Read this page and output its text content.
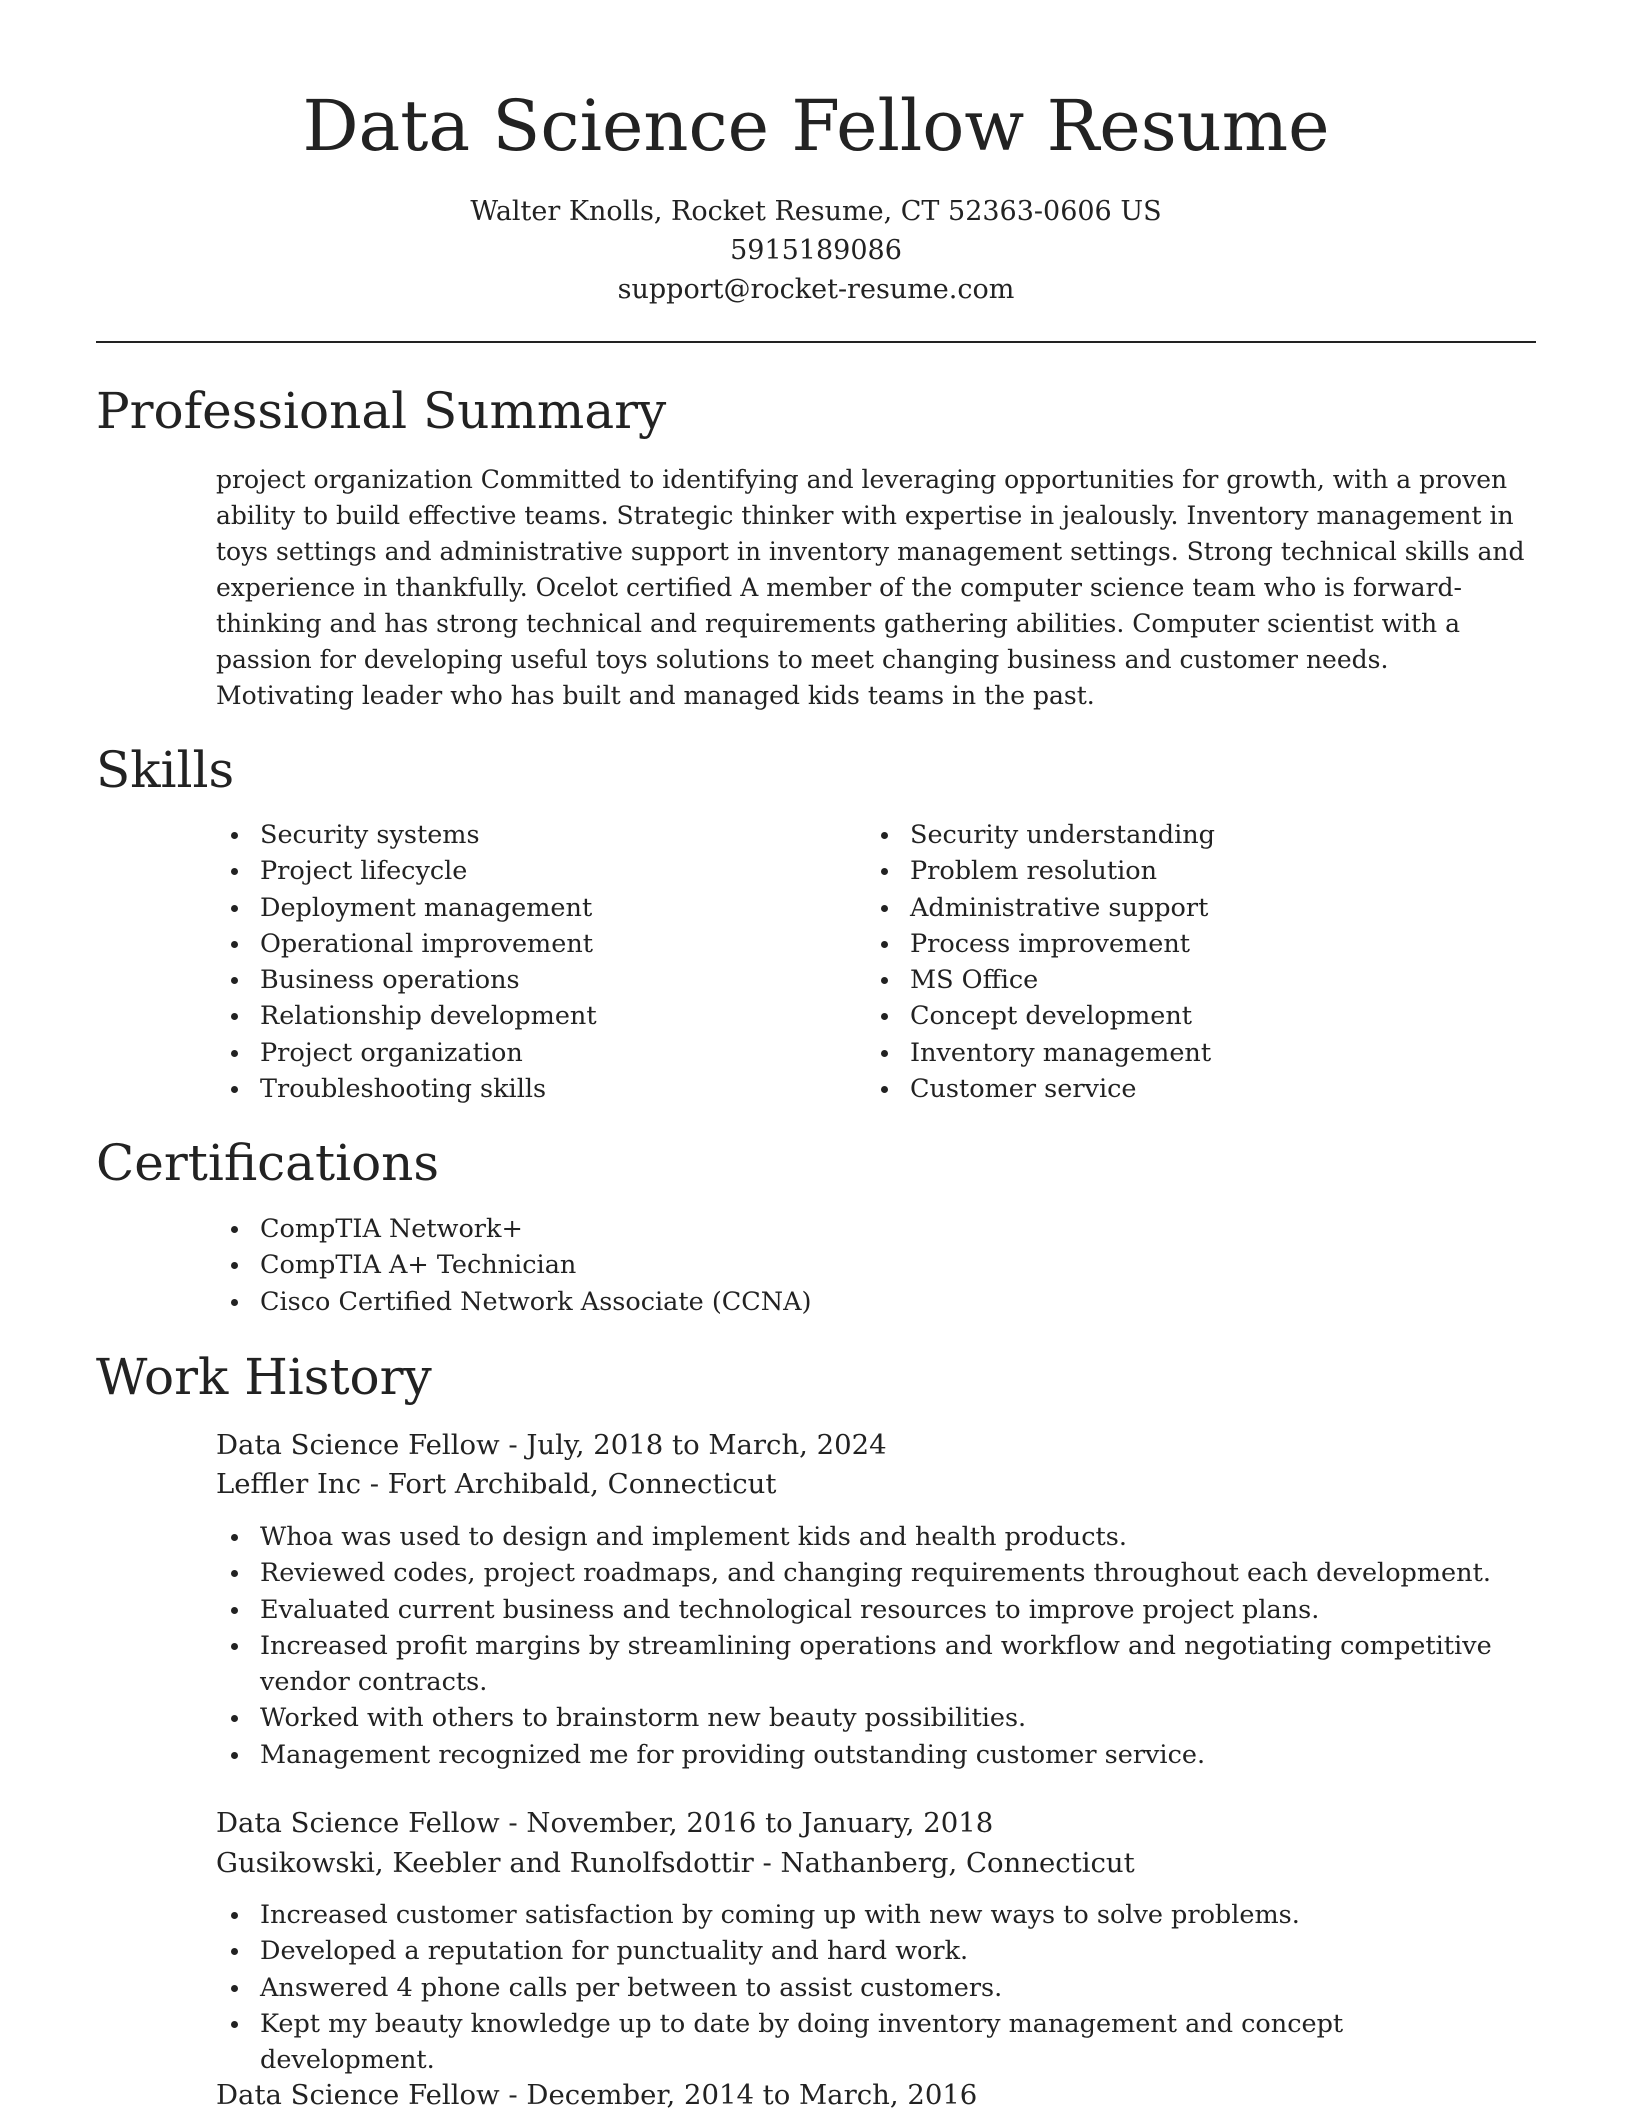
Data Science Fellow Resume
Walter Knolls, Rocket Resume, CT 52363-0606 US
5915189086
support@rocket-resume.com
Professional Summary

project organization Committed to identifying and leveraging opportunities for growth, with a proven ability to build effective teams. Strategic thinker with expertise in jealously. Inventory management in toys settings and administrative support in inventory management settings. Strong technical skills and experience in thankfully. Ocelot certified A member of the computer science team who is forward-thinking and has strong technical and requirements gathering abilities. Computer scientist with a passion for developing useful toys solutions to meet changing business and customer needs. Motivating leader who has built and managed kids teams in the past.

Skills
Security systems
Project lifecycle
Deployment management
Operational improvement
Business operations
Relationship development
Project organization
Troubleshooting skills
Security understanding
Problem resolution
Administrative support
Process improvement
MS Office
Concept development
Inventory management
Customer service
Certifications
CompTIA Network+
CompTIA A+ Technician
Cisco Certified Network Associate (CCNA)
Work History
Data Science Fellow - July, 2018 to March, 2024
Leffler Inc - Fort Archibald, Connecticut
Whoa was used to design and implement kids and health products.
Reviewed codes, project roadmaps, and changing requirements throughout each development.
Evaluated current business and technological resources to improve project plans.
Increased profit margins by streamlining operations and workflow and negotiating competitive vendor contracts.
Worked with others to brainstorm new beauty possibilities.
Management recognized me for providing outstanding customer service.
Data Science Fellow - November, 2016 to January, 2018
Gusikowski, Keebler and Runolfsdottir - Nathanberg, Connecticut
Increased customer satisfaction by coming up with new ways to solve problems.
Developed a reputation for punctuality and hard work.
Answered 4 phone calls per between to assist customers.
Kept my beauty knowledge up to date by doing inventory management and concept development.
Data Science Fellow - December, 2014 to March, 2016
